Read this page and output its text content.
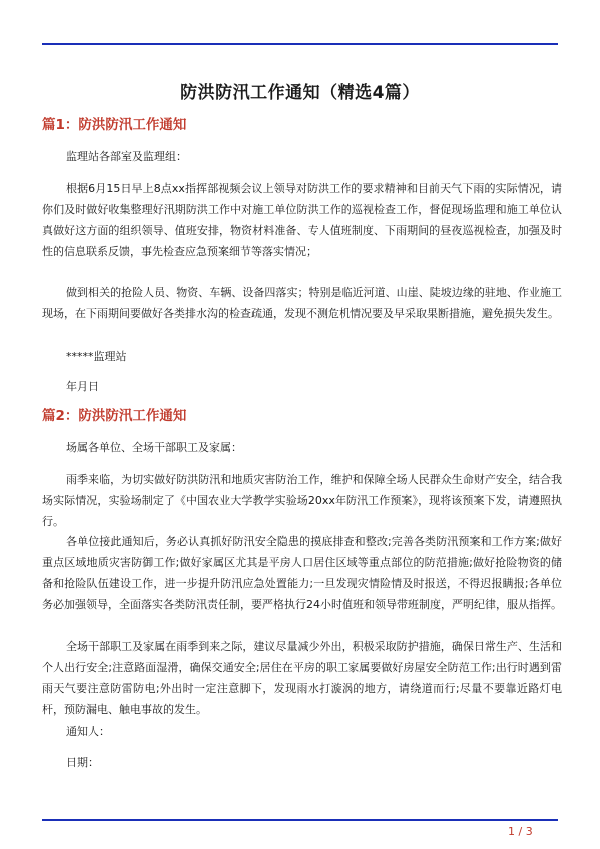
防洪防汛工作通知（精选4篇）
篇1：防洪防汛工作通知

监理站各部室及监理组：

根据6月15日早上8点xx指挥部视频会议上领导对防洪工作的要求精神和目前天气下雨的实际情况，请你们及时做好收集整理好汛期防洪工作中对施工单位防洪工作的巡视检查工作，督促现场监理和施工单位认真做好这方面的组织领导、值班安排，物资材料准备、专人值班制度、下雨期间的昼夜巡视检查，加强及时性的信息联系反馈，事先检查应急预案细节等落实情况；

做到相关的抢险人员、物资、车辆、设备四落实；特别是临近河道、山崖、陡坡边缘的驻地、作业施工现场，在下雨期间要做好各类排水沟的检查疏通，发现不测危机情况要及早采取果断措施，避免损失发生。

*****监理站

年月日

篇2：防洪防汛工作通知

场属各单位、全场干部职工及家属：

雨季来临，为切实做好防洪防汛和地质灾害防治工作，维护和保障全场人民群众生命财产安全，结合我场实际情况，实验场制定了《中国农业大学教学实验场20xx年防汛工作预案》，现将该预案下发，请遵照执行。

各单位接此通知后，务必认真抓好防汛安全隐患的摸底排查和整改;完善各类防汛预案和工作方案;做好重点区域地质灾害防御工作;做好家属区尤其是平房人口居住区域等重点部位的防范措施;做好抢险物资的储备和抢险队伍建设工作，进一步提升防汛应急处置能力;一旦发现灾情险情及时报送，不得迟报瞒报;各单位务必加强领导，全面落实各类防汛责任制，要严格执行24小时值班和领导带班制度，严明纪律，服从指挥。

全场干部职工及家属在雨季到来之际，建议尽量减少外出，积极采取防护措施，确保日常生产、生活和个人出行安全;注意路面湿滑，确保交通安全;居住在平房的职工家属要做好房屋安全防范工作;出行时遇到雷雨天气要注意防雷防电;外出时一定注意脚下，发现雨水打漩涡的地方，请绕道而行;尽量不要靠近路灯电杆，预防漏电、触电事故的发生。

通知人：

日期：

1 / 3
